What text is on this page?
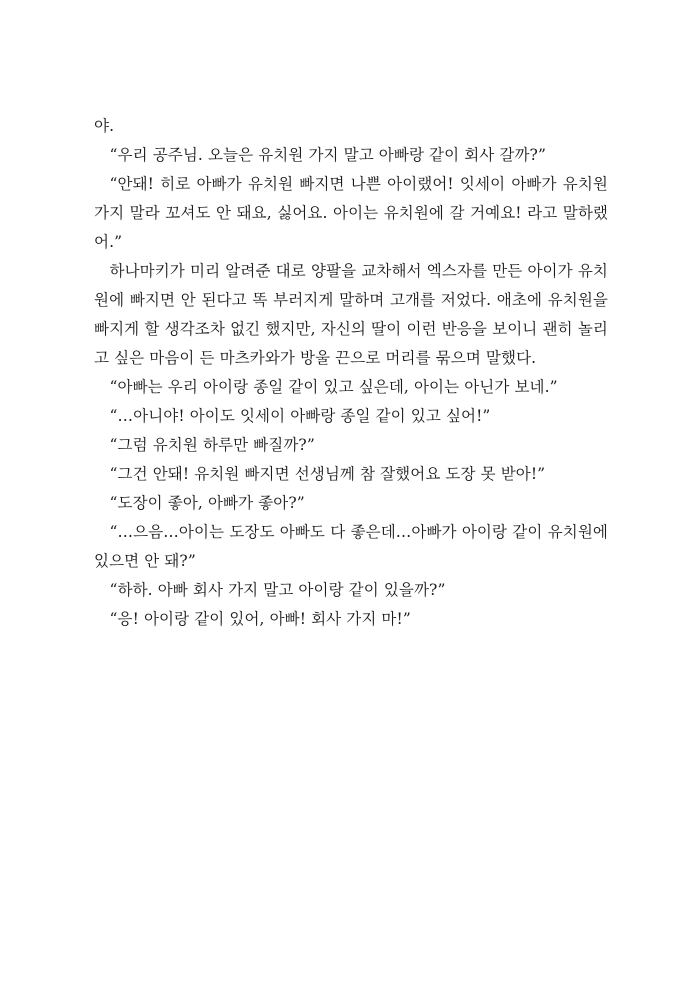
야.

“우리 공주님. 오늘은 유치원 가지 말고 아빠랑 같이 회사 갈까?”

“안돼! 히로 아빠가 유치원 빠지면 나쁜 아이랬어! 잇세이 아빠가 유치원 가지 말라 꼬셔도 안 돼요, 싫어요. 아이는 유치원에 갈 거예요! 라고 말하랬어.”

하나마키가 미리 알려준 대로 양팔을 교차해서 엑스자를 만든 아이가 유치원에 빠지면 안 된다고 똑 부러지게 말하며 고개를 저었다. 애초에 유치원을 빠지게 할 생각조차 없긴 했지만, 자신의 딸이 이런 반응을 보이니 괜히 놀리고 싶은 마음이 든 마츠카와가 방울 끈으로 머리를 묶으며 말했다.

“아빠는 우리 아이랑 종일 같이 있고 싶은데, 아이는 아닌가 보네.”

“…아니야! 아이도 잇세이 아빠랑 종일 같이 있고 싶어!”

“그럼 유치원 하루만 빠질까?”

“그건 안돼! 유치원 빠지면 선생님께 참 잘했어요 도장 못 받아!”

“도장이 좋아, 아빠가 좋아?”

“…으음…아이는 도장도 아빠도 다 좋은데…아빠가 아이랑 같이 유치원에 있으면 안 돼?”

“하하. 아빠 회사 가지 말고 아이랑 같이 있을까?”

“응! 아이랑 같이 있어, 아빠! 회사 가지 마!”
